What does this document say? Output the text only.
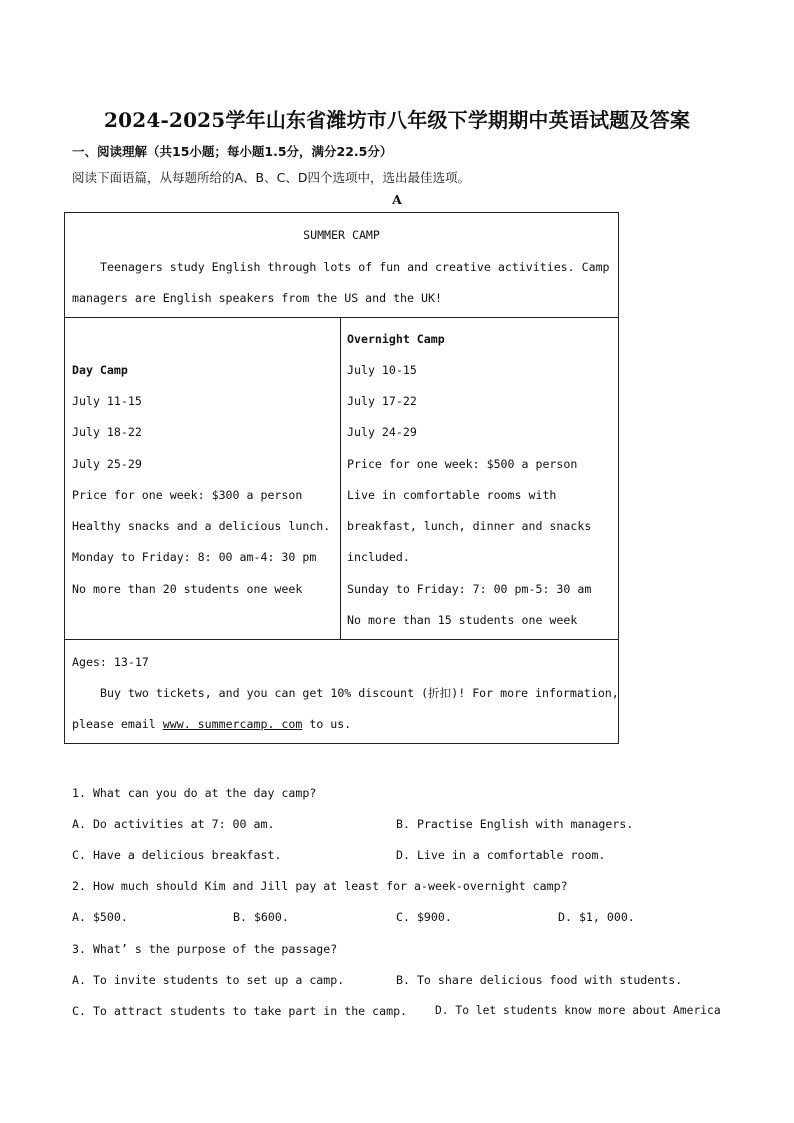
2024-2025学年山东省潍坊市八年级下学期期中英语试题及答案
一、阅读理解（共15小题；每小题1.5分，满分22.5分）
阅读下面语篇，从每题所给的A、B、C、D四个选项中，选出最佳选项。
A
SUMMER CAMP
Teenagers study English through lots of fun and creative activities. Camp
managers are English speakers from the US and the UK!
Day Camp
July 11-15
July 18-22
July 25-29
Price for one week: $300 a person
Healthy snacks and a delicious lunch.
Monday to Friday: 8: 00 am-4: 30 pm
No more than 20 students one week
Overnight Camp
July 10-15
July 17-22
July 24-29
Price for one week: $500 a person
Live in comfortable rooms with
breakfast, lunch, dinner and snacks
included.
Sunday to Friday: 7: 00 pm-5: 30 am
No more than 15 students one week
Ages: 13-17
Buy two tickets, and you can get 10% discount (折扣)! For more information,
please email www. summercamp. com to us.
1. What can you do at the day camp?
A. Do activities at 7: 00 am.	B. Practise English with managers.
C. Have a delicious breakfast.	D. Live in a comfortable room.
2. How much should Kim and Jill pay at least for a-week-overnight camp?
A. $500.	B. $600.	C. $900.	D. $1, 000.
3. What’ s the purpose of the passage?
A. To invite students to set up a camp.	B. To share delicious food with students.
C. To attract students to take part in the camp. D. To let students know more about America
